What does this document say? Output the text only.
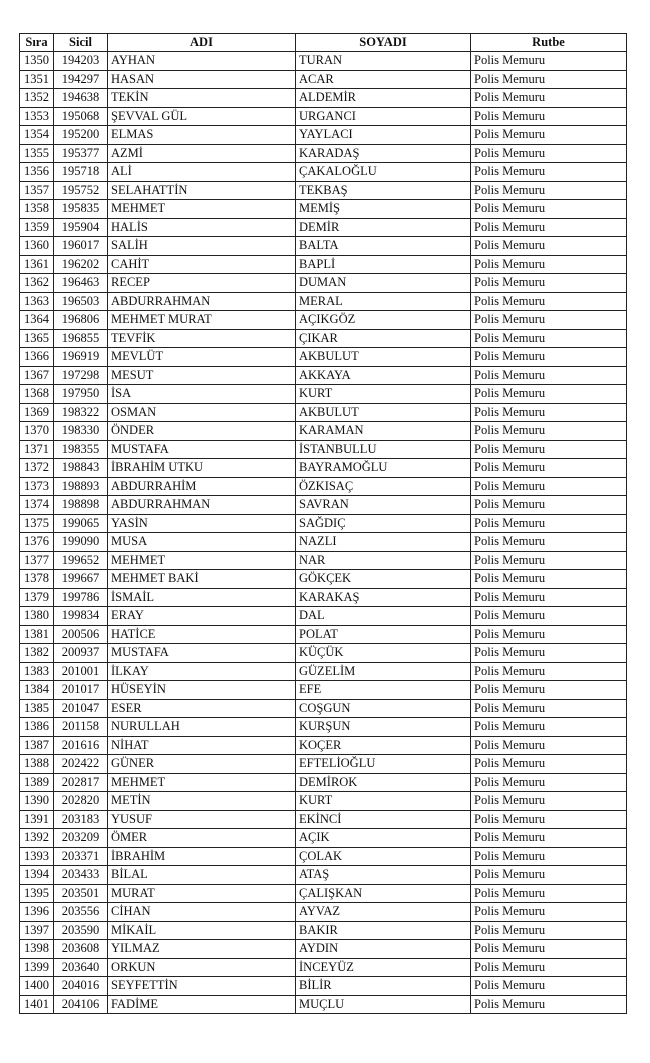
Sıra	Sicil	ADI	SOYADI	Rutbe
1350	194203	AYHAN	TURAN	Polis Memuru
1351	194297	HASAN	ACAR	Polis Memuru
1352	194638	TEKİN	ALDEMİR	Polis Memuru
1353	195068	ŞEVVAL GÜL	URGANCI	Polis Memuru
1354	195200	ELMAS	YAYLACI	Polis Memuru
1355	195377	AZMİ	KARADAŞ	Polis Memuru
1356	195718	ALİ	ÇAKALOĞLU	Polis Memuru
1357	195752	SELAHATTİN	TEKBAŞ	Polis Memuru
1358	195835	MEHMET	MEMİŞ	Polis Memuru
1359	195904	HALİS	DEMİR	Polis Memuru
1360	196017	SALİH	BALTA	Polis Memuru
1361	196202	CAHİT	BAPLİ	Polis Memuru
1362	196463	RECEP	DUMAN	Polis Memuru
1363	196503	ABDURRAHMAN	MERAL	Polis Memuru
1364	196806	MEHMET MURAT	AÇIKGÖZ	Polis Memuru
1365	196855	TEVFİK	ÇIKAR	Polis Memuru
1366	196919	MEVLÜT	AKBULUT	Polis Memuru
1367	197298	MESUT	AKKAYA	Polis Memuru
1368	197950	İSA	KURT	Polis Memuru
1369	198322	OSMAN	AKBULUT	Polis Memuru
1370	198330	ÖNDER	KARAMAN	Polis Memuru
1371	198355	MUSTAFA	İSTANBULLU	Polis Memuru
1372	198843	İBRAHİM UTKU	BAYRAMOĞLU	Polis Memuru
1373	198893	ABDURRAHİM	ÖZKISAÇ	Polis Memuru
1374	198898	ABDURRAHMAN	SAVRAN	Polis Memuru
1375	199065	YASİN	SAĞDIÇ	Polis Memuru
1376	199090	MUSA	NAZLI	Polis Memuru
1377	199652	MEHMET	NAR	Polis Memuru
1378	199667	MEHMET BAKİ	GÖKÇEK	Polis Memuru
1379	199786	İSMAİL	KARAKAŞ	Polis Memuru
1380	199834	ERAY	DAL	Polis Memuru
1381	200506	HATİCE	POLAT	Polis Memuru
1382	200937	MUSTAFA	KÜÇÜK	Polis Memuru
1383	201001	İLKAY	GÜZELİM	Polis Memuru
1384	201017	HÜSEYİN	EFE	Polis Memuru
1385	201047	ESER	COŞGUN	Polis Memuru
1386	201158	NURULLAH	KURŞUN	Polis Memuru
1387	201616	NİHAT	KOÇER	Polis Memuru
1388	202422	GÜNER	EFTELİOĞLU	Polis Memuru
1389	202817	MEHMET	DEMİROK	Polis Memuru
1390	202820	METİN	KURT	Polis Memuru
1391	203183	YUSUF	EKİNCİ	Polis Memuru
1392	203209	ÖMER	AÇIK	Polis Memuru
1393	203371	İBRAHİM	ÇOLAK	Polis Memuru
1394	203433	BİLAL	ATAŞ	Polis Memuru
1395	203501	MURAT	ÇALIŞKAN	Polis Memuru
1396	203556	CİHAN	AYVAZ	Polis Memuru
1397	203590	MİKAİL	BAKIR	Polis Memuru
1398	203608	YILMAZ	AYDIN	Polis Memuru
1399	203640	ORKUN	İNCEYÜZ	Polis Memuru
1400	204016	SEYFETTİN	BİLİR	Polis Memuru
1401	204106	FADİME	MUÇLU	Polis Memuru
